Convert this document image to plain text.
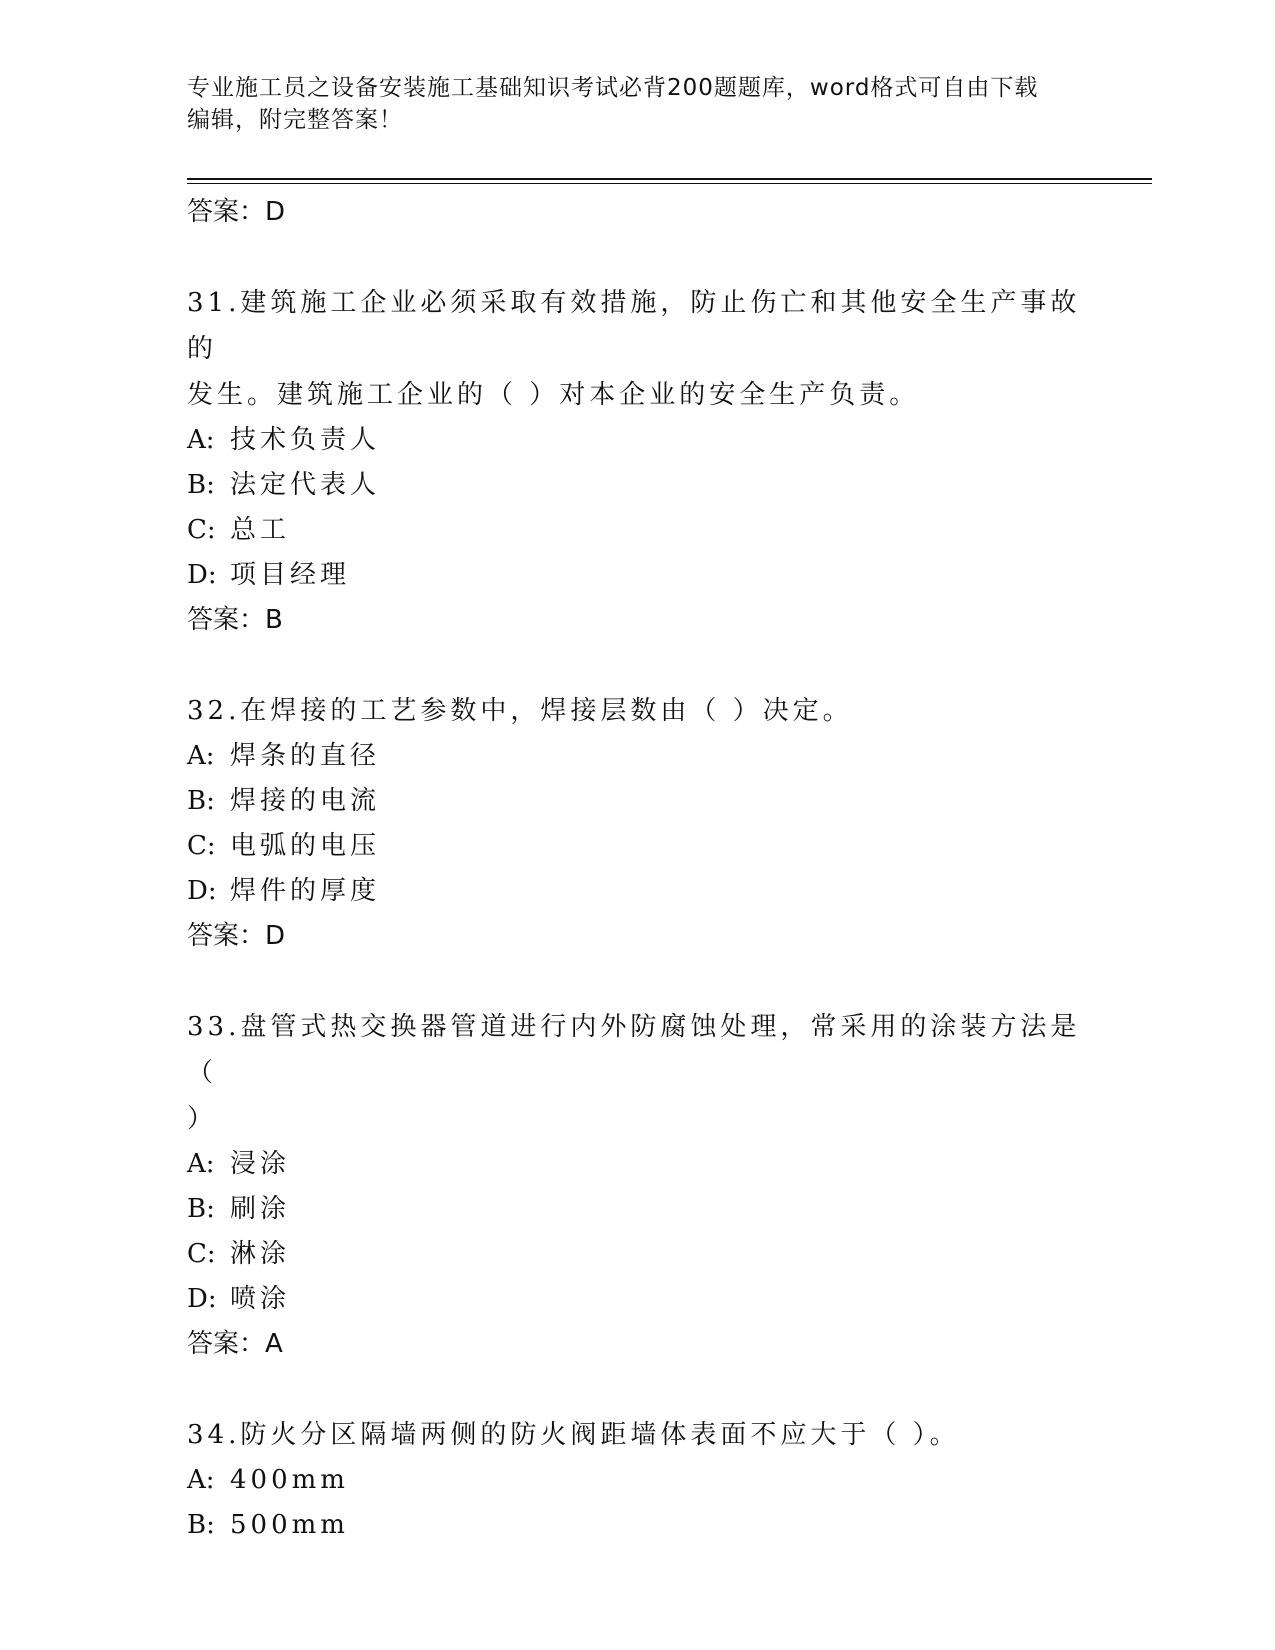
专业施工员之设备安装施工基础知识考试必背200题题库，word格式可自由下载
编辑，附完整答案！
答案：D
31.建筑施工企业必须采取有效措施，防止伤亡和其他安全生产事故的
发生。建筑施工企业的（ ）对本企业的安全生产负责。
A: 技术负责人
B: 法定代表人
C: 总工
D: 项目经理
答案：B
32.在焊接的工艺参数中，焊接层数由（ ）决定。
A: 焊条的直径
B: 焊接的电流
C: 电弧的电压
D: 焊件的厚度
答案：D
33.盘管式热交换器管道进行内外防腐蚀处理，常采用的涂装方法是（
）
A: 浸涂
B: 刷涂
C: 淋涂
D: 喷涂
答案：A
34.防火分区隔墙两侧的防火阀距墙体表面不应大于（ ）。
A: 400mm
B: 500mm
